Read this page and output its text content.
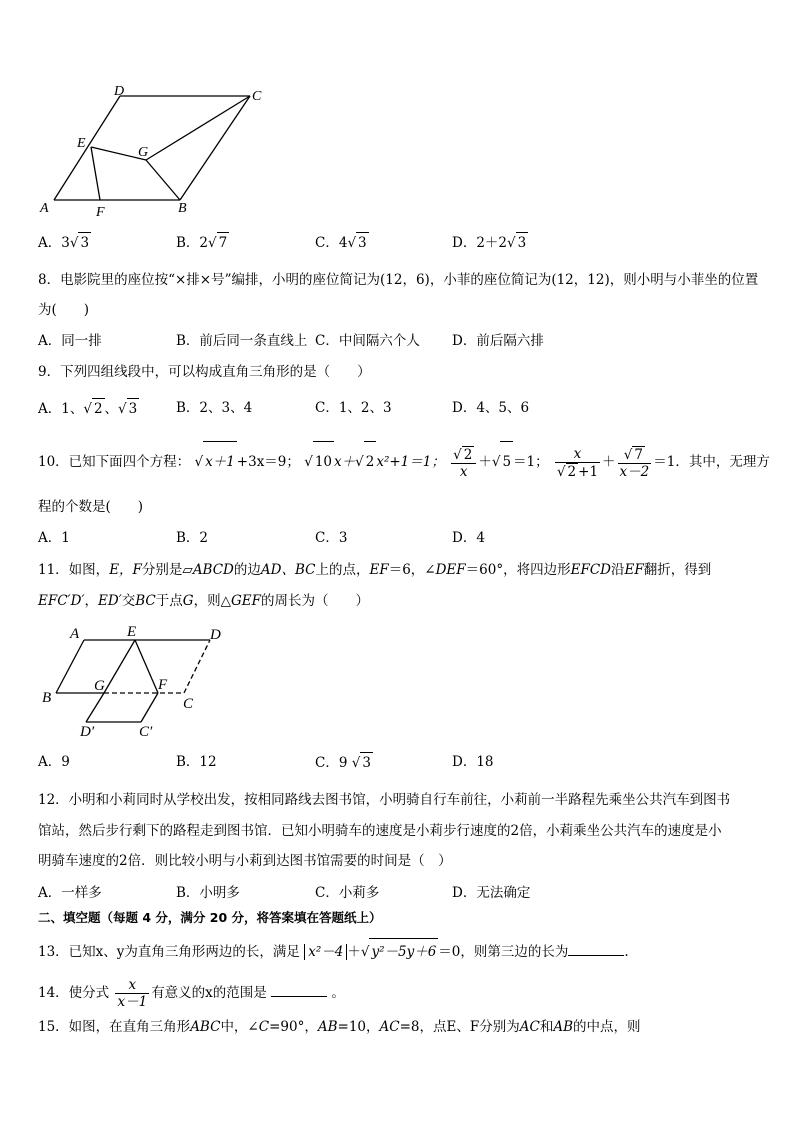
A	F	B
E
G
D	C
A．3 √ 3	B．2 √ 7	C．4 √ 3	D．2＋2 √ 3
8．电影院里的座位按“×排×号”编排，小明的座位简记为(12，6)，小菲的座位简记为(12，12)，则小明与小菲坐的位置
为(　　)
A．同一排	B．前后同一条直线上 C．中间隔六个人 D．前后隔六排
9．下列四组线段中，可以构成直角三角形的是（　　）
A．1、 √ 2 、 √ 3	B．2、3、4	C．1、2、3	D．4、5、6
10．已知下面四个方程： √ x＋1 +3x＝9； √ 10 x＋ √ 2 x²+1＝1； √ $\frac{2}{x}$ ＋ √ 5 ＝1； x
√ 2 +1 ＋ √ $\frac{7}{x-2} =1$．其中，无理方
程的个数是(　　)
A．1	B．2	C．3	D．4
11．如图，E，F分别是▱ABCD的边AD、BC上的点，EF＝6，∠DEF＝60°，将四边形EFCD沿EF翻折，得到
EFC′D′，ED′交BC于点G，则△GEF的周长为（　　）
A	E	D
B
G	F
C
D′	C′
A．9	B．12	C．9 √ 3	D．18
12．小明和小莉同时从学校出发，按相同路线去图书馆，小明骑自行车前往，小莉前一半路程先乘坐公共汽车到图书
馆站，然后步行剩下的路程走到图书馆．已知小明骑车的速度是小莉步行速度的2倍，小莉乘坐公共汽车的速度是小
明骑车速度的2倍．则比较小明与小莉到达图书馆需要的时间是（　）
A．一样多	B．小明多	C．小莉多	D．无法确定
二、填空题（每题 4 分，满分 20 分，将答案填在答题纸上）
13．已知x、y为直角三角形两边的长，满足 x²－4 ＋ √ y²－5y＋6 ＝0，则第三边的长为	.
14．使分式 $\frac{x}{x-1}$ 有意义的x的范围是	。
15．如图，在直角三角形ABC中，∠C=90°，AB=10，AC=8，点E、F分别为AC和AB的中点，则
